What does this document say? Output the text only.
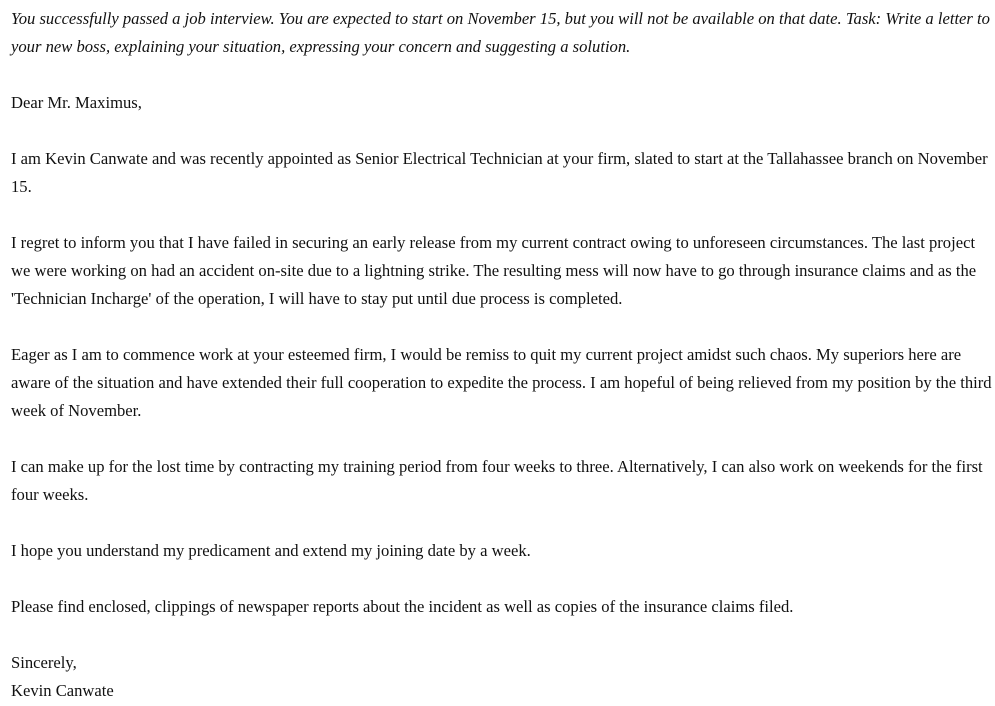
You successfully passed a job interview. You are expected to start on November 15, but you will not be available on that date. Task: Write a letter to your new boss, explaining your situation, expressing your concern and suggesting a solution.

Dear Mr. Maximus,

I am Kevin Canwate and was recently appointed as Senior Electrical Technician at your firm, slated to start at the Tallahassee branch on November 15.

I regret to inform you that I have failed in securing an early release from my current contract owing to unforeseen circumstances. The last project we were working on had an accident on-site due to a lightning strike. The resulting mess will now have to go through insurance claims and as the 'Technician Incharge' of the operation, I will have to stay put until due process is completed.

Eager as I am to commence work at your esteemed firm, I would be remiss to quit my current project amidst such chaos. My superiors here are aware of the situation and have extended their full cooperation to expedite the process. I am hopeful of being relieved from my position by the third week of November.

I can make up for the lost time by contracting my training period from four weeks to three. Alternatively, I can also work on weekends for the first four weeks.

I hope you understand my predicament and extend my joining date by a week.

Please find enclosed, clippings of newspaper reports about the incident as well as copies of the insurance claims filed.

Sincerely,
Kevin Canwate
